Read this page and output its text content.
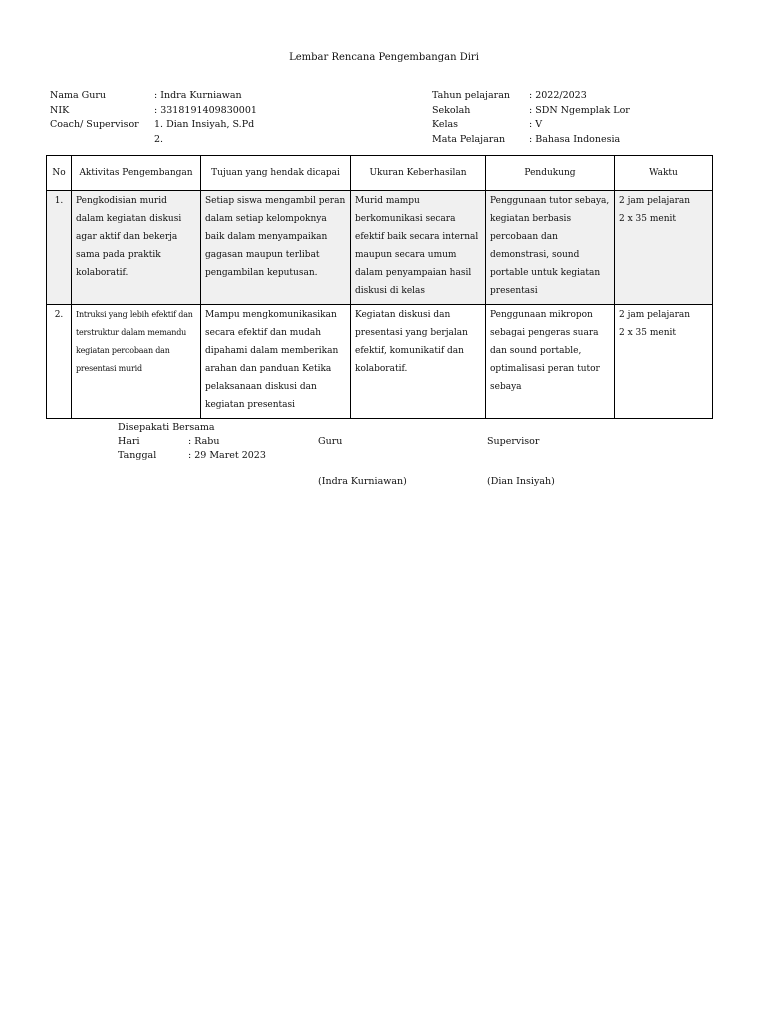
Lembar Rencana Pengembangan Diri
Nama Guru	: Indra Kurniawan
NIK	: 3318191409830001
Coach/ Supervisor 1. Dian Insiyah, S.Pd
2.
Tahun pelajaran : 2022/2023
Sekolah	: SDN Ngemplak Lor
Kelas	: V
Mata Pelajaran	: Bahasa Indonesia
No	Aktivitas Pengembangan	Tujuan yang hendak dicapai	Ukuran Keberhasilan	Pendukung	Waktu
1.	Pengkodisian murid dalam kegiatan diskusi agar aktif dan bekerja sama pada praktik kolaboratif.	Setiap siswa mengambil peran dalam setiap kelompoknya baik dalam menyampaikan gagasan maupun terlibat pengambilan keputusan.	Murid mampu berkomunikasi secara efektif baik secara internal maupun secara umum dalam penyampaian hasil diskusi di kelas	Penggunaan tutor sebaya, kegiatan berbasis percobaan dan demonstrasi, sound portable untuk kegiatan presentasi	2 jam pelajaran
2 x 35 menit

2.	Intruksi yang lebih efektif dan terstruktur dalam memandu kegiatan percobaan dan presentasi murid	Mampu mengkomunikasikan secara efektif dan mudah dipahami dalam memberikan arahan dan panduan Ketika pelaksanaan diskusi dan kegiatan presentasi	Kegiatan diskusi dan presentasi yang berjalan efektif, komunikatif dan kolaboratif.	Penggunaan mikropon sebagai pengeras suara dan sound portable, optimalisasi peran tutor sebaya	2 jam pelajaran
2 x 35 menit
Disepakati Bersama
Hari	: Rabu
Tanggal	: 29 Maret 2023
Guru	Supervisor
(Indra Kurniawan)	(Dian Insiyah)
